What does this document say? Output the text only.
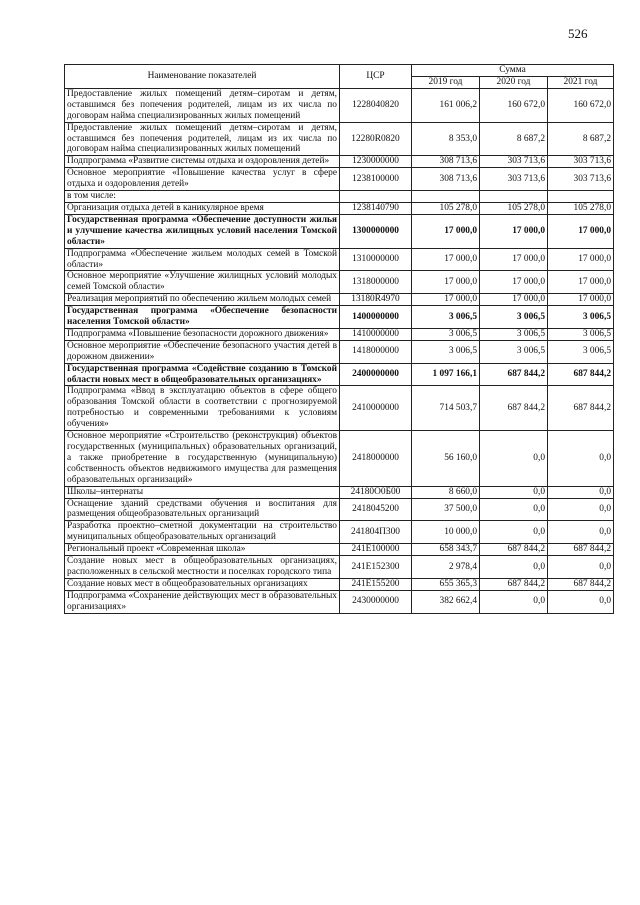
526
Наименование показателей	ЦСР	Сумма		
		2019 год	2020 год	2021 год
Предоставление жилых помещений детям–сиротам и детям, оставшимся без попечения родителей, лицам из их числа по договорам найма специализированных жилых помещений	1228040820	161 006,2	160 672,0	160 672,0
Предоставление жилых помещений детям–сиротам и детям, оставшимся без попечения родителей, лицам из их числа по договорам найма специализированных жилых помещений	12280R0820	8 353,0	8 687,2	8 687,2
Подпрограмма «Развитие системы отдыха и оздоровления детей»	1230000000	308 713,6	303 713,6	303 713,6
Основное мероприятие «Повышение качества услуг в сфере отдыха и оздоровления детей»	1238100000	308 713,6	303 713,6	303 713,6
в том числе:				
Организация отдыха детей в каникулярное время	1238140790	105 278,0	105 278,0	105 278,0
Государственная программа «Обеспечение доступности жилья и улучшение качества жилищных условий населения Томской области»	1300000000	17 000,0	17 000,0	17 000,0
Подпрограмма «Обеспечение жильем молодых семей в Томской области»	1310000000	17 000,0	17 000,0	17 000,0
Основное мероприятие «Улучшение жилищных условий молодых семей Томской области»	1318000000	17 000,0	17 000,0	17 000,0
Реализация мероприятий по обеспечению жильем молодых семей	13180R4970	17 000,0	17 000,0	17 000,0
Государственная программа «Обеспечение безопасности населения Томской области»	1400000000	3 006,5	3 006,5	3 006,5
Подпрограмма «Повышение безопасности дорожного движения»	1410000000	3 006,5	3 006,5	3 006,5
Основное мероприятие «Обеспечение безопасного участия детей в дорожном движении»	1418000000	3 006,5	3 006,5	3 006,5
Государственная программа «Содействие созданию в Томской области новых мест в общеобразовательных организациях»	2400000000	1 097 166,1	687 844,2	687 844,2
Подпрограмма «Ввод в эксплуатацию объектов в сфере общего образования Томской области в соответствии с прогнозируемой потребностью и современными требованиями к условиям обучения»	2410000000	714 503,7	687 844,2	687 844,2
Основное мероприятие «Строительство (реконструкция) объектов государственных (муниципальных) образовательных организаций, а также приобретение в государственную (муниципальную) собственность объектов недвижимого имущества для размещения образовательных организаций»	2418000000	56 160,0	0,0	0,0
Школы–интернаты	24180О0Б00	8 660,0	0,0	0,0
Оснащение зданий средствами обучения и воспитания для размещения общеобразовательных организаций	2418045200	37 500,0	0,0	0,0
Разработка проектно–сметной документации на строительство муниципальных общеобразовательных организаций	241804П300	10 000,0	0,0	0,0
Региональный проект «Современная школа»	241E100000	658 343,7	687 844,2	687 844,2
Создание новых мест в общеобразовательных организациях, расположенных в сельской местности и поселках городского типа	241E152300	2 978,4	0,0	0,0
Создание новых мест в общеобразовательных организациях	241E155200	655 365,3	687 844,2	687 844,2
Подпрограмма «Сохранение действующих мест в образовательных организациях»	2430000000	382 662,4	0,0	0,0
